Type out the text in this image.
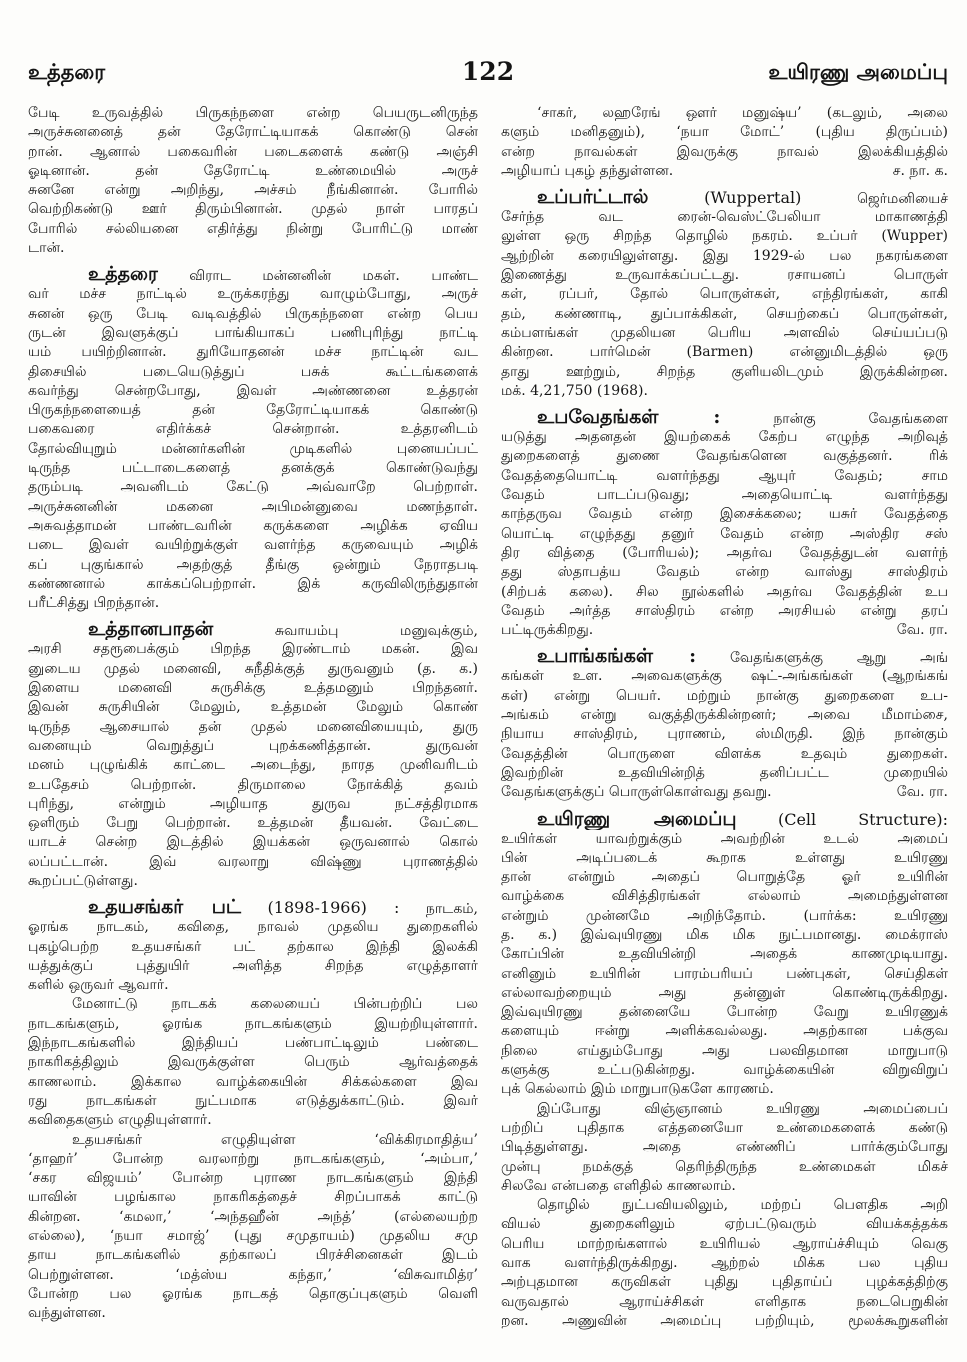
உத்தரை	122	உயிரணு அமைப்பு
பேடி உருவத்தில் பிருகந்நளை என்ற பெயருடனிருந்த
அருச்சுனனைத் தன் தேரோட்டியாகக் கொண்டு சென்
றான். ஆனால் பகைவரின் படைகளைக் கண்டு அஞ்சி
ஓடினான். தன் தேரோட்டி உண்மையில் அருச்
சுனனே என்று அறிந்து, அச்சம் நீங்கினான். போரில்
வெற்றிகண்டு ஊர் திரும்பினான். முதல் நாள் பாரதப்
போரில் சல்லியனை எதிர்த்து நின்று போரிட்டு மாண்
டான்.
உத்தரை விராட மன்னனின் மகள். பாண்ட
வர் மச்ச நாட்டில் உருக்கரந்து வாழும்போது, அருச்
சுனன் ஒரு பேடி வடிவத்தில் பிருகந்நளை என்ற பெய
ருடன் இவளுக்குப் பாங்கியாகப் பணிபுரிந்து நாட்டி
யம் பயிற்றினான். துரியோதனன் மச்ச நாட்டின் வட
திசையில் படையெடுத்துப் பசுக் கூட்டங்களைக்
கவர்ந்து சென்றபோது, இவள் அண்ணனை உத்தரன்
பிருகந்நளையைத் தன் தேரோட்டியாகக் கொண்டு
பகைவரை எதிர்க்கச் சென்றான். உத்தரனிடம்
தோல்வியுறும் மன்னர்களின் முடிகளில் புனையப்பட்
டிருந்த பட்டாடைகளைத் தனக்குக் கொண்டுவந்து
தரும்படி அவனிடம் கேட்டு அவ்வாறே பெற்றாள்.
அருச்சுனனின் மகனை அபிமன்னுவை மணந்தாள்.
அசுவத்தாமன் பாண்டவரின் கருக்களை அழிக்க ஏவிய
படை இவள் வயிற்றுக்குள் வளர்ந்த கருவையும் அழிக்
கப் புகுங்கால் அதற்குத் தீங்கு ஒன்றும் நேராதபடி
கண்ணனால் காக்கப்பெற்றாள். இக் கருவிலிருந்துதான்
பரீட்சித்து பிறந்தான்.
உத்தானபாதன்	சுவாயம்பு மனுவுக்கும்,
அரசி சதரூபைக்கும் பிறந்த இரண்டாம் மகன். இவ
னுடைய முதல் மனைவி, சுநீதிக்குத் துருவனும் (த. க.)
இளைய மனைவி சுருசிக்கு உத்தமனும் பிறந்தனர்.
இவன் சுருசியின் மேலும், உத்தமன் மேலும் கொண்
டிருந்த ஆசையால் தன் முதல் மனைவியையும், துரு
வனையும் வெறுத்துப் புறக்கணித்தான். துருவன்
மனம் புழுங்கிக் காட்டை அடைந்து, நாரத முனிவரிடம்
உபதேசம் பெற்றான். திருமாலை நோக்கித் தவம்
புரிந்து, என்றும் அழியாத துருவ நட்சத்திரமாக
ஒளிரும் பேறு பெற்றான். உத்தமன் தீயவன். வேட்டை
யாடச் சென்ற இடத்தில் இயக்கன் ஒருவனால் கொல்
லப்பட்டான். இவ் வரலாறு விஷ்ணு புராணத்தில்
கூறப்பட்டுள்ளது.
உதயசங்கர் பட் (1898-1966) : நாடகம்,
ஓரங்க நாடகம், கவிதை, நாவல் முதலிய துறைகளில்
புகழ்பெற்ற உதயசங்கர் பட் தற்கால இந்தி இலக்கி
யத்துக்குப் புத்துயிர் அளித்த சிறந்த எழுத்தாளர்
களில் ஒருவர் ஆவார்.
மேனாட்டு நாடகக் கலையைப் பின்பற்றிப் பல
நாடகங்களும், ஓரங்க நாடகங்களும் இயற்றியுள்ளார்.
இந்நாடகங்களில் இந்தியப் பண்பாட்டிலும் பண்டை
நாகரிகத்திலும் இவருக்குள்ள பெரும் ஆர்வத்தைக்
காணலாம். இக்கால வாழ்க்கையின் சிக்கல்களை இவ
ரது நாடகங்கள் நுட்பமாக எடுத்துக்காட்டும். இவர்
கவிதைகளும் எழுதியுள்ளார்.
உதயசங்கர் எழுதியுள்ள ‘விக்கிரமாதித்ய’
‘தாஹர்’ போன்ற வரலாற்று நாடகங்களும், ‘அம்பா,’
‘சகர விஜயம்’ போன்ற புராண நாடகங்களும் இந்தி
யாவின் பழங்கால நாகரிகத்தைச் சிறப்பாகக் காட்டு
கின்றன. ‘கமலா,’ ‘அந்தஹீன் அந்த்’ (எல்லையற்ற
எல்லை), ‘நயா சமாஜ்’ (புது சமுதாயம்) முதலிய சமு
தாய நாடகங்களில் தற்காலப் பிரச்சினைகள் இடம்
பெற்றுள்ளன. ‘மத்ஸ்ய கந்தா,’ ‘விசுவாமித்ர’
போன்ற பல ஓரங்க நாடகத் தொகுப்புகளும் வெளி
வந்துள்ளன.
‘சாகர், லஹரேங் ஔர் மனுஷ்ய’ (கடலும், அலை
களும் மனிதனும்), ‘நயா மோட்’ (புதிய திருப்பம்)
என்ற நாவல்கள் இவருக்கு நாவல் இலக்கியத்தில்
அழியாப் புகழ் தந்துள்ளன.	ச. நா. க.
உப்பர்ட்டால்	(Wuppertal)	ஜெர்மனியைச்
சேர்ந்த வட ரைன்-வெஸ்ட்பேலியா மாகாணத்தி
லுள்ள ஒரு சிறந்த தொழில் நகரம். உப்பர் (Wupper)
ஆற்றின் கரையிலுள்ளது. இது 1929-ல் பல நகரங்களை
இணைத்து உருவாக்கப்பட்டது. ரசாயனப் பொருள்
கள், ரப்பர், தோல் பொருள்கள், எந்திரங்கள், காகி
தம், கண்ணாடி, துப்பாக்கிகள், செயற்கைப் பொருள்கள்,
கம்பளங்கள் முதலியன பெரிய அளவில் செய்யப்படு
கின்றன. பார்மென் (Barmen) என்னுமிடத்தில் ஒரு
தாது ஊற்றும், சிறந்த குளியலிடமும் இருக்கின்றன.
மக். 4,21,750 (1968).
உபவேதங்கள் :	நான்கு வேதங்களை
யடுத்து அதனதன் இயற்கைக் கேற்ப எழுந்த அறிவுத்
துறைகளைத் துணை வேதங்களென வகுத்தனர். ரிக்
வேதத்தையொட்டி வளர்ந்தது ஆயுர் வேதம்; சாம
வேதம் பாடப்படுவது; அதையொட்டி வளர்ந்தது
காந்தருவ வேதம் என்ற இசைக்கலை; யசுர் வேதத்தை
யொட்டி எழுந்தது தனுர் வேதம் என்ற அஸ்திர சஸ்
திர வித்தை (போரியல்); அதர்வ வேதத்துடன் வளர்ந்
தது ஸ்தாபத்ய வேதம் என்ற வாஸ்து சாஸ்திரம்
(சிற்பக் கலை). சில நூல்களில் அதர்வ வேதத்தின் உப
வேதம் அர்த்த சாஸ்திரம் என்ற அரசியல் என்று தரப்
பட்டிருக்கிறது.	வே. ரா.
உபாங்கங்கள் : வேதங்களுக்கு ஆறு அங்
கங்கள் உள. அவைகளுக்கு ஷட்-அங்கங்கள் (ஆறங்கங்
கள்) என்று பெயர். மற்றும் நான்கு துறைகளை உப-
அங்கம் என்று வகுத்திருக்கின்றனர்; அவை மீமாம்சை,
நியாய சாஸ்திரம், புராணம், ஸ்மிருதி. இந் நான்கும்
வேதத்தின் பொருளை விளக்க உதவும் துறைகள்.
இவற்றின் உதவியின்றித் தனிப்பட்ட முறையில்
வேதங்களுக்குப் பொருள்கொள்வது தவறு.	வே. ரா.
உயிரணு அமைப்பு	(Cell Structure):
உயிர்கள் யாவற்றுக்கும் அவற்றின் உடல் அமைப்
பின் அடிப்படைக் கூறாக உள்ளது உயிரணு
தான் என்றும் அதைப் பொறுத்தே ஓர் உயிரின்
வாழ்க்கை விசித்திரங்கள் எல்லாம் அமைந்துள்ளன
என்றும் முன்னமே அறிந்தோம். (பார்க்க: உயிரணு
த. க.) இவ்வுயிரணு மிக மிக நுட்பமானது. மைக்ராஸ்
கோப்பின் உதவியின்றி அதைக் காணமுடியாது.
எனினும் உயிரின் பாரம்பரியப் பண்புகள், செய்திகள்
எல்லாவற்றையும் அது தன்னுள் கொண்டிருக்கிறது.
இவ்வுயிரணு தன்னையே போன்ற வேறு உயிரணுக்
களையும் ஈன்று அளிக்கவல்லது. அதற்கான பக்குவ
நிலை எய்தும்போது அது பலவிதமான மாறுபாடு
களுக்கு உட்படுகின்றது. வாழ்க்கையின் விறுவிறுப்
புக் கெல்லாம் இம் மாறுபாடுகளே காரணம்.
இப்போது விஞ்ஞானம் உயிரணு அமைப்பைப்
பற்றிப் புதிதாக எத்தனையோ உண்மைகளைக் கண்டு
பிடித்துள்ளது. அதை எண்ணிப் பார்க்கும்போது
முன்பு நமக்குத் தெரிந்திருந்த உண்மைகள் மிகச்
சிலவே என்பதை எளிதில் காணலாம்.
தொழில் நுட்பவியலிலும், மற்றப் பௌதிக அறி
வியல் துறைகளிலும் ஏற்பட்டுவரும் வியக்கத்தக்க
பெரிய மாற்றங்களால் உயிரியல் ஆராய்ச்சியும் வெகு
வாக வளர்ந்திருக்கிறது. ஆற்றல் மிக்க பல புதிய
அற்புதமான கருவிகள் புதிது புதிதாய்ப் புழக்கத்திற்கு
வருவதால் ஆராய்ச்சிகள் எளிதாக நடைபெறுகின்
றன. அணுவின் அமைப்பு பற்றியும், மூலக்கூறுகளின்
